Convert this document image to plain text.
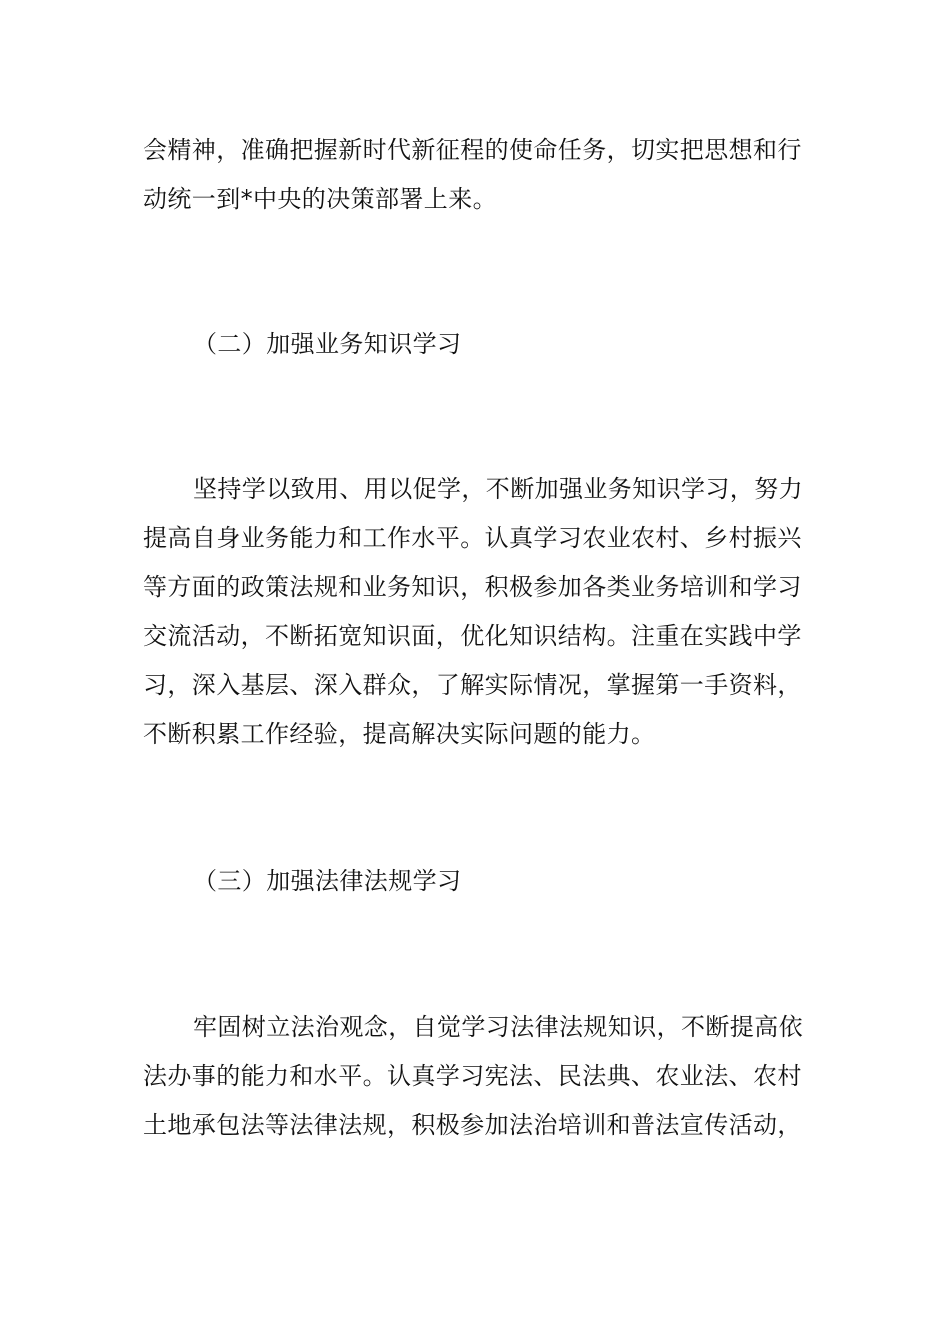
会精神，准确把握新时代新征程的使命任务，切实把思想和行
动统一到*中央的决策部署上来。
（二）加强业务知识学习
坚持学以致用、用以促学，不断加强业务知识学习，努力
提高自身业务能力和工作水平。认真学习农业农村、乡村振兴
等方面的政策法规和业务知识，积极参加各类业务培训和学习
交流活动，不断拓宽知识面，优化知识结构。注重在实践中学
习，深入基层、深入群众，了解实际情况，掌握第一手资料，
不断积累工作经验，提高解决实际问题的能力。
（三）加强法律法规学习
牢固树立法治观念，自觉学习法律法规知识，不断提高依
法办事的能力和水平。认真学习宪法、民法典、农业法、农村
土地承包法等法律法规，积极参加法治培训和普法宣传活动，
